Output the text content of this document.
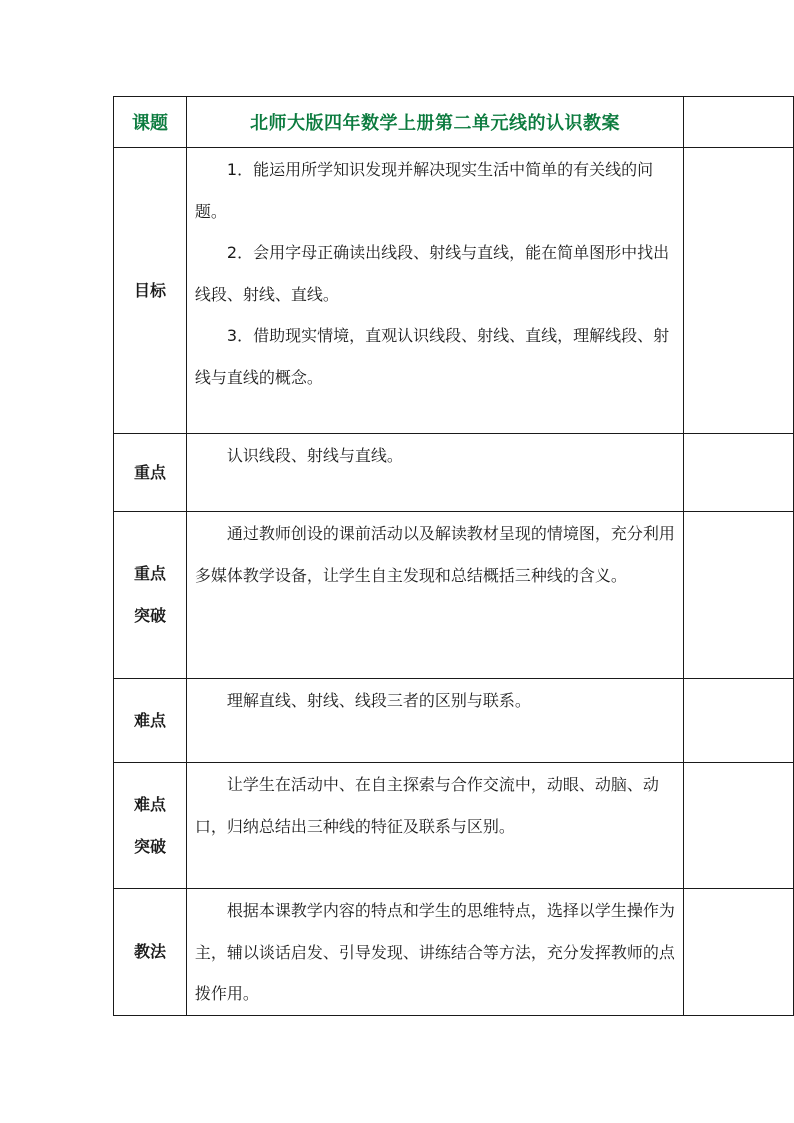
课题	北师大版四年数学上册第二单元线的认识教案	

目标	1．能运用所学知识发现并解决现实生活中简单的有关线的问题。

2．会用字母正确读出线段、射线与直线，能在简单图形中找出线段、射线、直线。

3．借助现实情境，直观认识线段、射线、直线，理解线段、射线与直线的概念。	

重点	认识线段、射线与直线。	

重点
突破	通过教师创设的课前活动以及解读教材呈现的情境图，充分利用多媒体教学设备，让学生自主发现和总结概括三种线的含义。	

难点	理解直线、射线、线段三者的区别与联系。	

难点
突破	让学生在活动中、在自主探索与合作交流中，动眼、动脑、动口，归纳总结出三种线的特征及联系与区别。	

教法	根据本课教学内容的特点和学生的思维特点，选择以学生操作为主，辅以谈话启发、引导发现、讲练结合等方法，充分发挥教师的点拨作用。	
